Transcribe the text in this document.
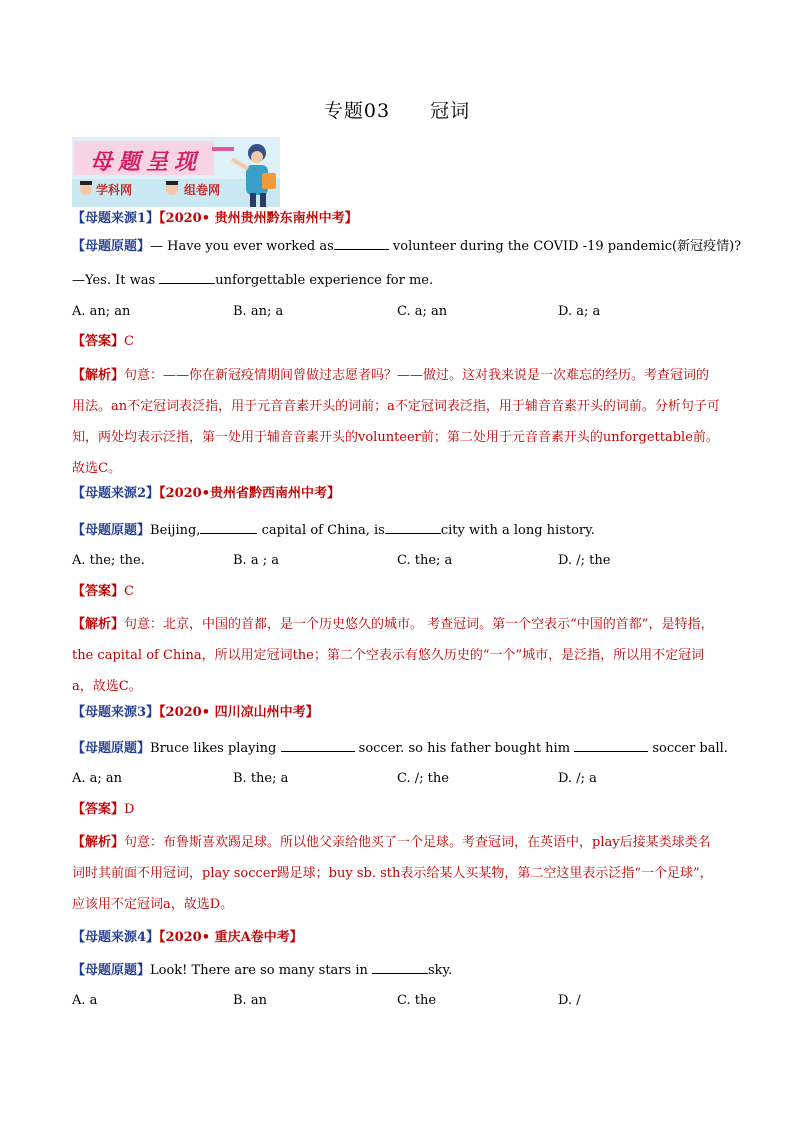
专题03 冠词
母题呈现
学科网	组卷网
【母题来源1】【2020• 贵州贵州黔东南州中考】
【母题原题】— Have you ever worked as	volunteer during the COVID -19 pandemic(新冠疫情)?
—Yes. It was	unforgettable experience for me.
A. an; an	B. an; a	C. a; an	D. a; a
【答案】C
【解析】句意：——你在新冠疫情期间曾做过志愿者吗？——做过。这对我来说是一次难忘的经历。考查冠词的用法。an不定冠词表泛指，用于元音音素开头的词前；a不定冠词表泛指，用于辅音音素开头的词前。分析句子可知，两处均表示泛指，第一处用于辅音音素开头的volunteer前；第二处用于元音音素开头的unforgettable前。故选C。
【母题来源2】【2020•贵州省黔西南州中考】
【母题原题】Beijing,	capital of China, is	city with a long history.
A. the; the.	B. a ; a	C. the; a	D. /; the
【答案】C
【解析】句意：北京，中国的首都，是一个历史悠久的城市。 考查冠词。第一个空表示“中国的首都”，是特指，the capital of China，所以用定冠词the；第二个空表示有悠久历史的“一个”城市，是泛指，所以用不定冠词a，故选C。
【母题来源3】【2020• 四川凉山州中考】
【母题原题】Bruce likes playing	soccer. so his father bought him	soccer ball.
A. a; an	B. the; a	C. /; the	D. /; a
【答案】D
【解析】句意：布鲁斯喜欢踢足球。所以他父亲给他买了一个足球。考查冠词，在英语中，play后接某类球类名词时其前面不用冠词，play soccer踢足球；buy sb. sth表示给某人买某物，第二空这里表示泛指“一个足球”，应该用不定冠词a，故选D。
【母题来源4】【2020• 重庆A卷中考】
【母题原题】Look! There are so many stars in	sky.
A. a	B. an	C. the	D. /
